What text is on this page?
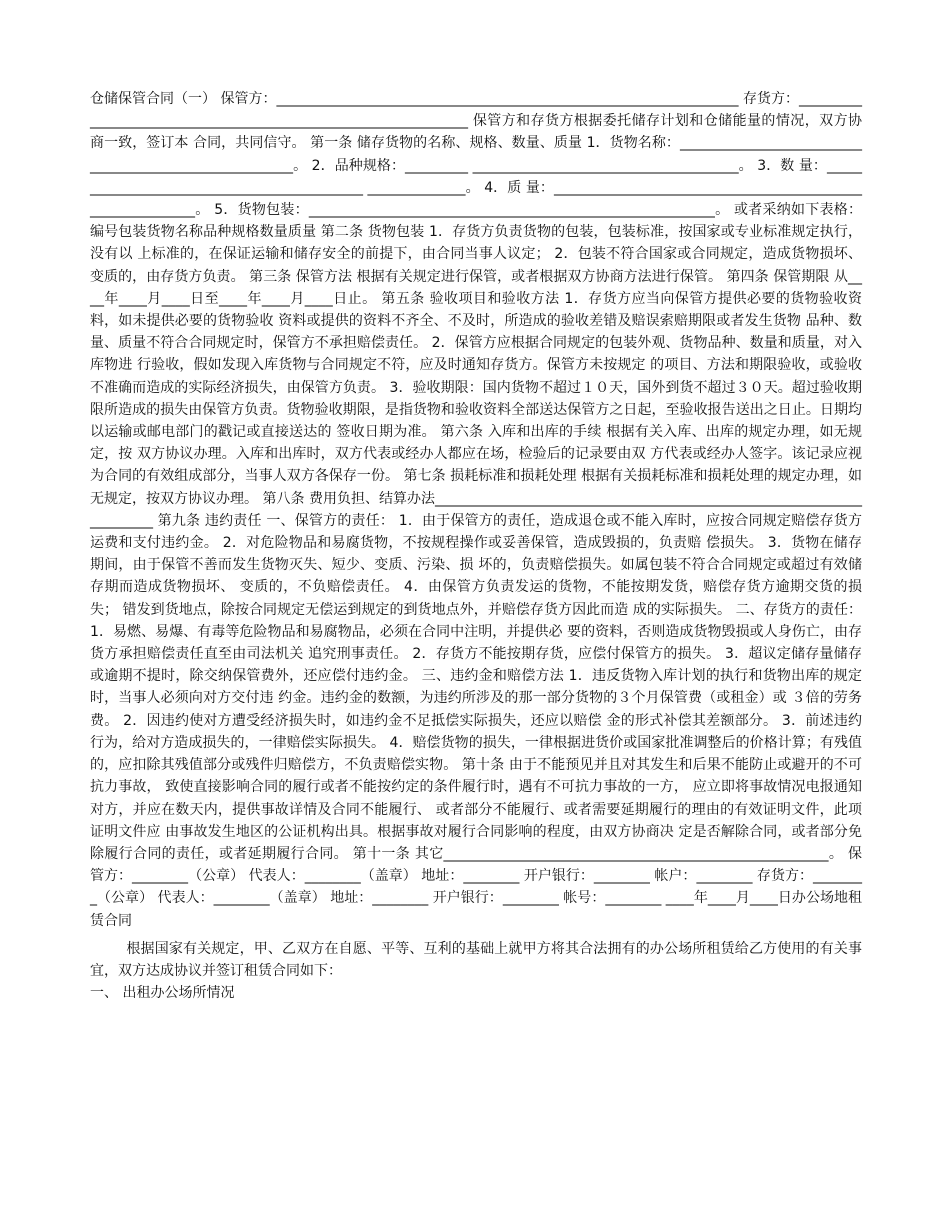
仓储保管合同（一） 保管方：__________________________________________________________________ 存货方：_______________________________________________________________ 保管方和存货方根据委托储存计划和仓储能量的情况，双方协商一致，签订本 合同，共同信守。 第一条 储存货物的名称、规格、数量、质量 1．货物名称：_______________________________________________________。 2．品种规格：_________ ______________________________________。 3．数 量：____________________________________________ ______________。 4．质 量：___________________________________________________________。 5．货物包装：__________________________________________________________。 或者采纳如下表格： 编号包装货物名称品种规格数量质量 第二条 货物包装 1．存货方负责货物的包装，包装标准，按国家或专业标准规定执行，没有以 上标准的，在保证运输和储存安全的前提下，由合同当事人议定； 2．包装不符合国家或合同规定，造成货物损坏、变质的，由存货方负责。 第三条 保管方法 根据有关规定进行保管，或者根据双方协商方法进行保管。 第四条 保管期限 从____年____月____日至____年____月____日止。 第五条 验收项目和验收方法 1．存货方应当向保管方提供必要的货物验收资料，如未提供必要的货物验收 资料或提供的资料不齐全、不及时，所造成的验收差错及赔误索赔期限或者发生货物 品种、数量、质量不符合合同规定时，保管方不承担赔偿责任。 2．保管方应根据合同规定的包装外观、货物品种、数量和质量，对入库物进 行验收，假如发现入库货物与合同规定不符，应及时通知存货方。保管方未按规定 的项目、方法和期限验收，或验收不准确而造成的实际经济损失，由保管方负责。 3．验收期限：国内货物不超过１０天，国外到货不超过３０天。超过验收期 限所造成的损失由保管方负责。货物验收期限，是指货物和验收资料全部送达保管方之日起，至验收报告送出之日止。日期均以运输或邮电部门的戳记或直接送达的 签收日期为准。 第六条 入库和出库的手续 根据有关入库、出库的规定办理，如无规定，按 双方协议办理。入库和出库时，双方代表或经办人都应在场，检验后的记录要由双 方代表或经办人签字。该记录应视为合同的有效组成部分，当事人双方各保存一份。 第七条 损耗标准和损耗处理 根据有关损耗标准和损耗处理的规定办理，如 无规定，按双方协议办理。 第八条 费用负担、结算办法______________________________________________________________________ 第九条 违约责任 一、保管方的责任： 1．由于保管方的责任，造成退仓或不能入库时，应按合同规定赔偿存货方运费和支付违约金。 2．对危险物品和易腐货物，不按规程操作或妥善保管，造成毁损的，负责赔 偿损失。 3．货物在储存期间，由于保管不善而发生货物灭失、短少、变质、污染、损 坏的，负责赔偿损失。如属包装不符合合同规定或超过有效储存期而造成货物损坏、 变质的，不负赔偿责任。 4．由保管方负责发运的货物，不能按期发货，赔偿存货方逾期交货的损失； 错发到货地点，除按合同规定无偿运到规定的到货地点外，并赔偿存货方因此而造 成的实际损失。 二、存货方的责任： 1．易燃、易爆、有毒等危险物品和易腐物品，必须在合同中注明，并提供必 要的资料，否则造成货物毁损或人身伤亡，由存货方承担赔偿责任直至由司法机关 追究刑事责任。 2．存货方不能按期存货，应偿付保管方的损失。 3．超议定储存量储存或逾期不提时，除交纳保管费外，还应偿付违约金。 三、违约金和赔偿方法 1．违反货物入库计划的执行和货物出库的规定时，当事人必须向对方交付违 约金。违约金的数额，为违约所涉及的那一部分货物的３个月保管费（或租金）或 ３倍的劳务费。 2．因违约使对方遭受经济损失时，如违约金不足抵偿实际损失，还应以赔偿 金的形式补偿其差额部分。 3．前述违约行为，给对方造成损失的，一律赔偿实际损失。 4．赔偿货物的损失，一律根据进货价或国家批准调整后的价格计算；有残值 的，应扣除其残值部分或残件归赔偿方，不负责赔偿实物。 第十条 由于不能预见并且对其发生和后果不能防止或避开的不可抗力事故， 致使直接影响合同的履行或者不能按约定的条件履行时，遇有不可抗力事故的一方， 应立即将事故情况电报通知对方，并应在数天内，提供事故详情及合同不能履行、 或者部分不能履行、或者需要延期履行的理由的有效证明文件，此项证明文件应 由事故发生地区的公证机构出具。根据事故对履行合同影响的程度，由双方协商决 定是否解除合同，或者部分免除履行合同的责任，或者延期履行合同。 第十一条 其它_______________________________________________________。 保管方：________（公章） 代表人：________（盖章） 地址：________ 开户银行：________ 帐户：________ 存货方：________（公章） 代表人：________（盖章） 地址：________ 开户银行：________ 帐号：________ ____年____月____日办公场地租赁合同

根据国家有关规定，甲、乙双方在自愿、平等、互利的基础上就甲方将其合法拥有的办公场所租赁给乙方使用的有关事宜，双方达成协议并签订租赁合同如下：

一、 出租办公场所情况
